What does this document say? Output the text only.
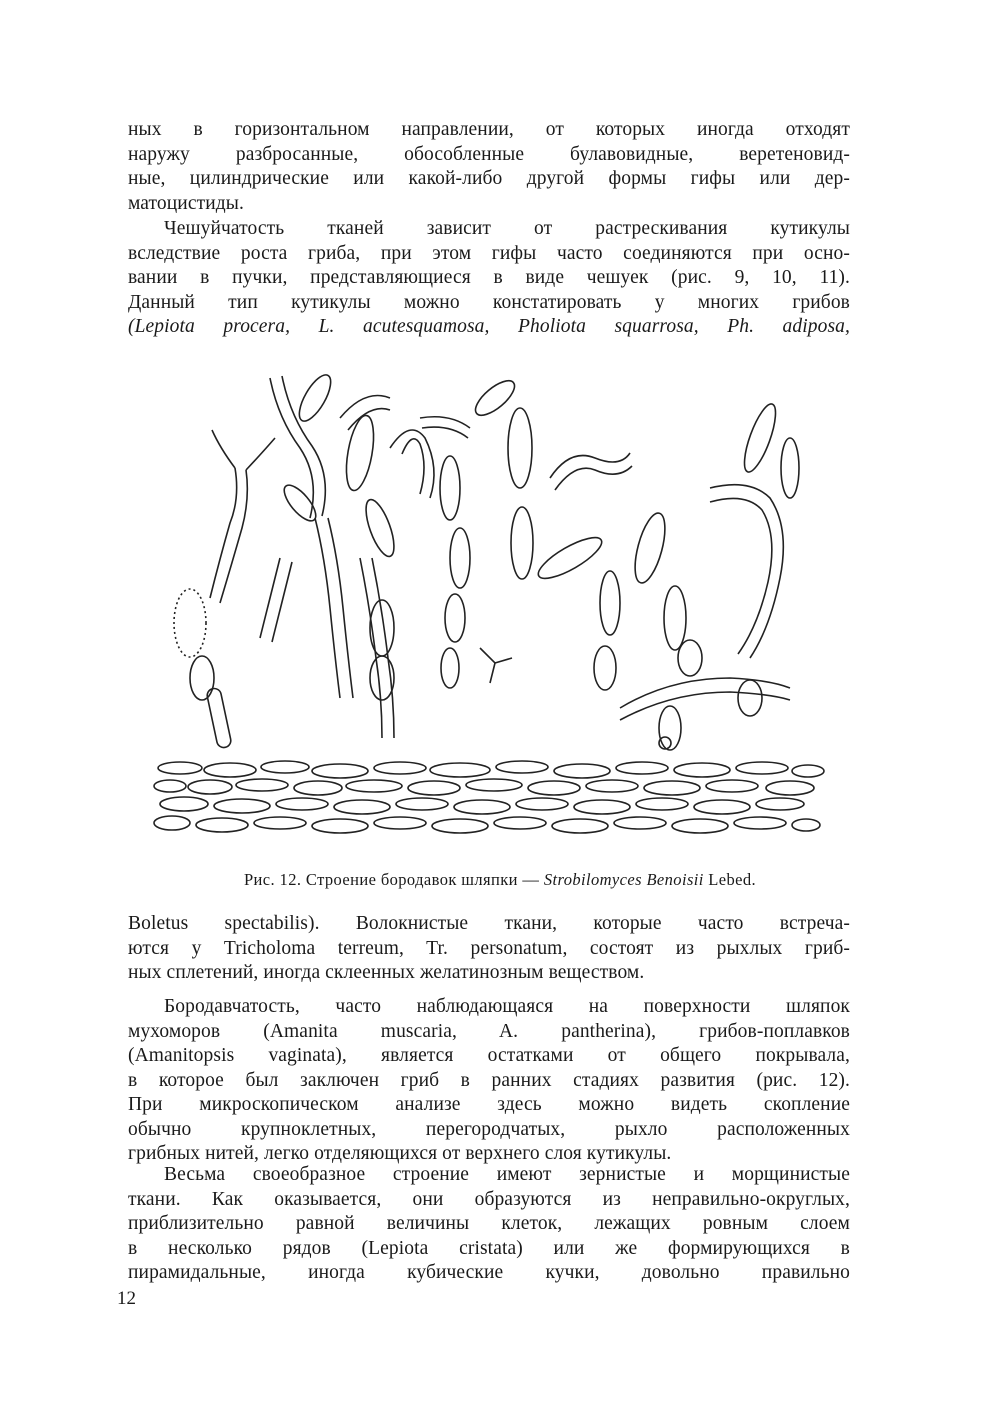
ных в горизонтальном направлении, от которых иногда отходят
наружу разбросанные, обособленные булавовидные, веретеновид-
ные, цилиндрические или какой-либо другой формы гифы или дер-
матоцистиды.
Чешуйчатость тканей зависит от растрескивания кутикулы
вследствие роста гриба, при этом гифы часто соединяются при осно-
вании в пучки, представляющиеся в виде чешуек (рис. 9, 10, 11).
Данный тип кутикулы можно констатировать у многих грибов
(Lepiota procera, L. acutesquamosa, Pholiota squarrosa, Ph. adiposa,
Рис. 12. Строение бородавок шляпки — Strobilomyces Benoisii Lebed.
Boletus spectabilis). Волокнистые ткани, которые часто встреча-
ются у Tricholoma terreum, Tr. personatum, состоят из рыхлых гриб-
ных сплетений, иногда склеенных желатинозным веществом.
Бородавчатость, часто наблюдающаяся на поверхности шляпок
мухоморов (Amanita muscaria, A. pantherina), грибов-поплавков
(Amanitopsis vaginata), является остатками от общего покрывала,
в которое был заключен гриб в ранних стадиях развития (рис. 12).
При микроскопическом анализе здесь можно видеть скопление
обычно крупноклетных, перегородчатых, рыхло расположенных
грибных нитей, легко отделяющихся от верхнего слоя кутикулы.
Весьма своеобразное строение имеют зернистые и морщинистые
ткани. Как оказывается, они образуются из неправильно-округлых,
приблизительно равной величины клеток, лежащих ровным слоем
в несколько рядов (Lepiota cristata) или же формирующихся в
пирамидальные, иногда кубические кучки, довольно правильно
12
